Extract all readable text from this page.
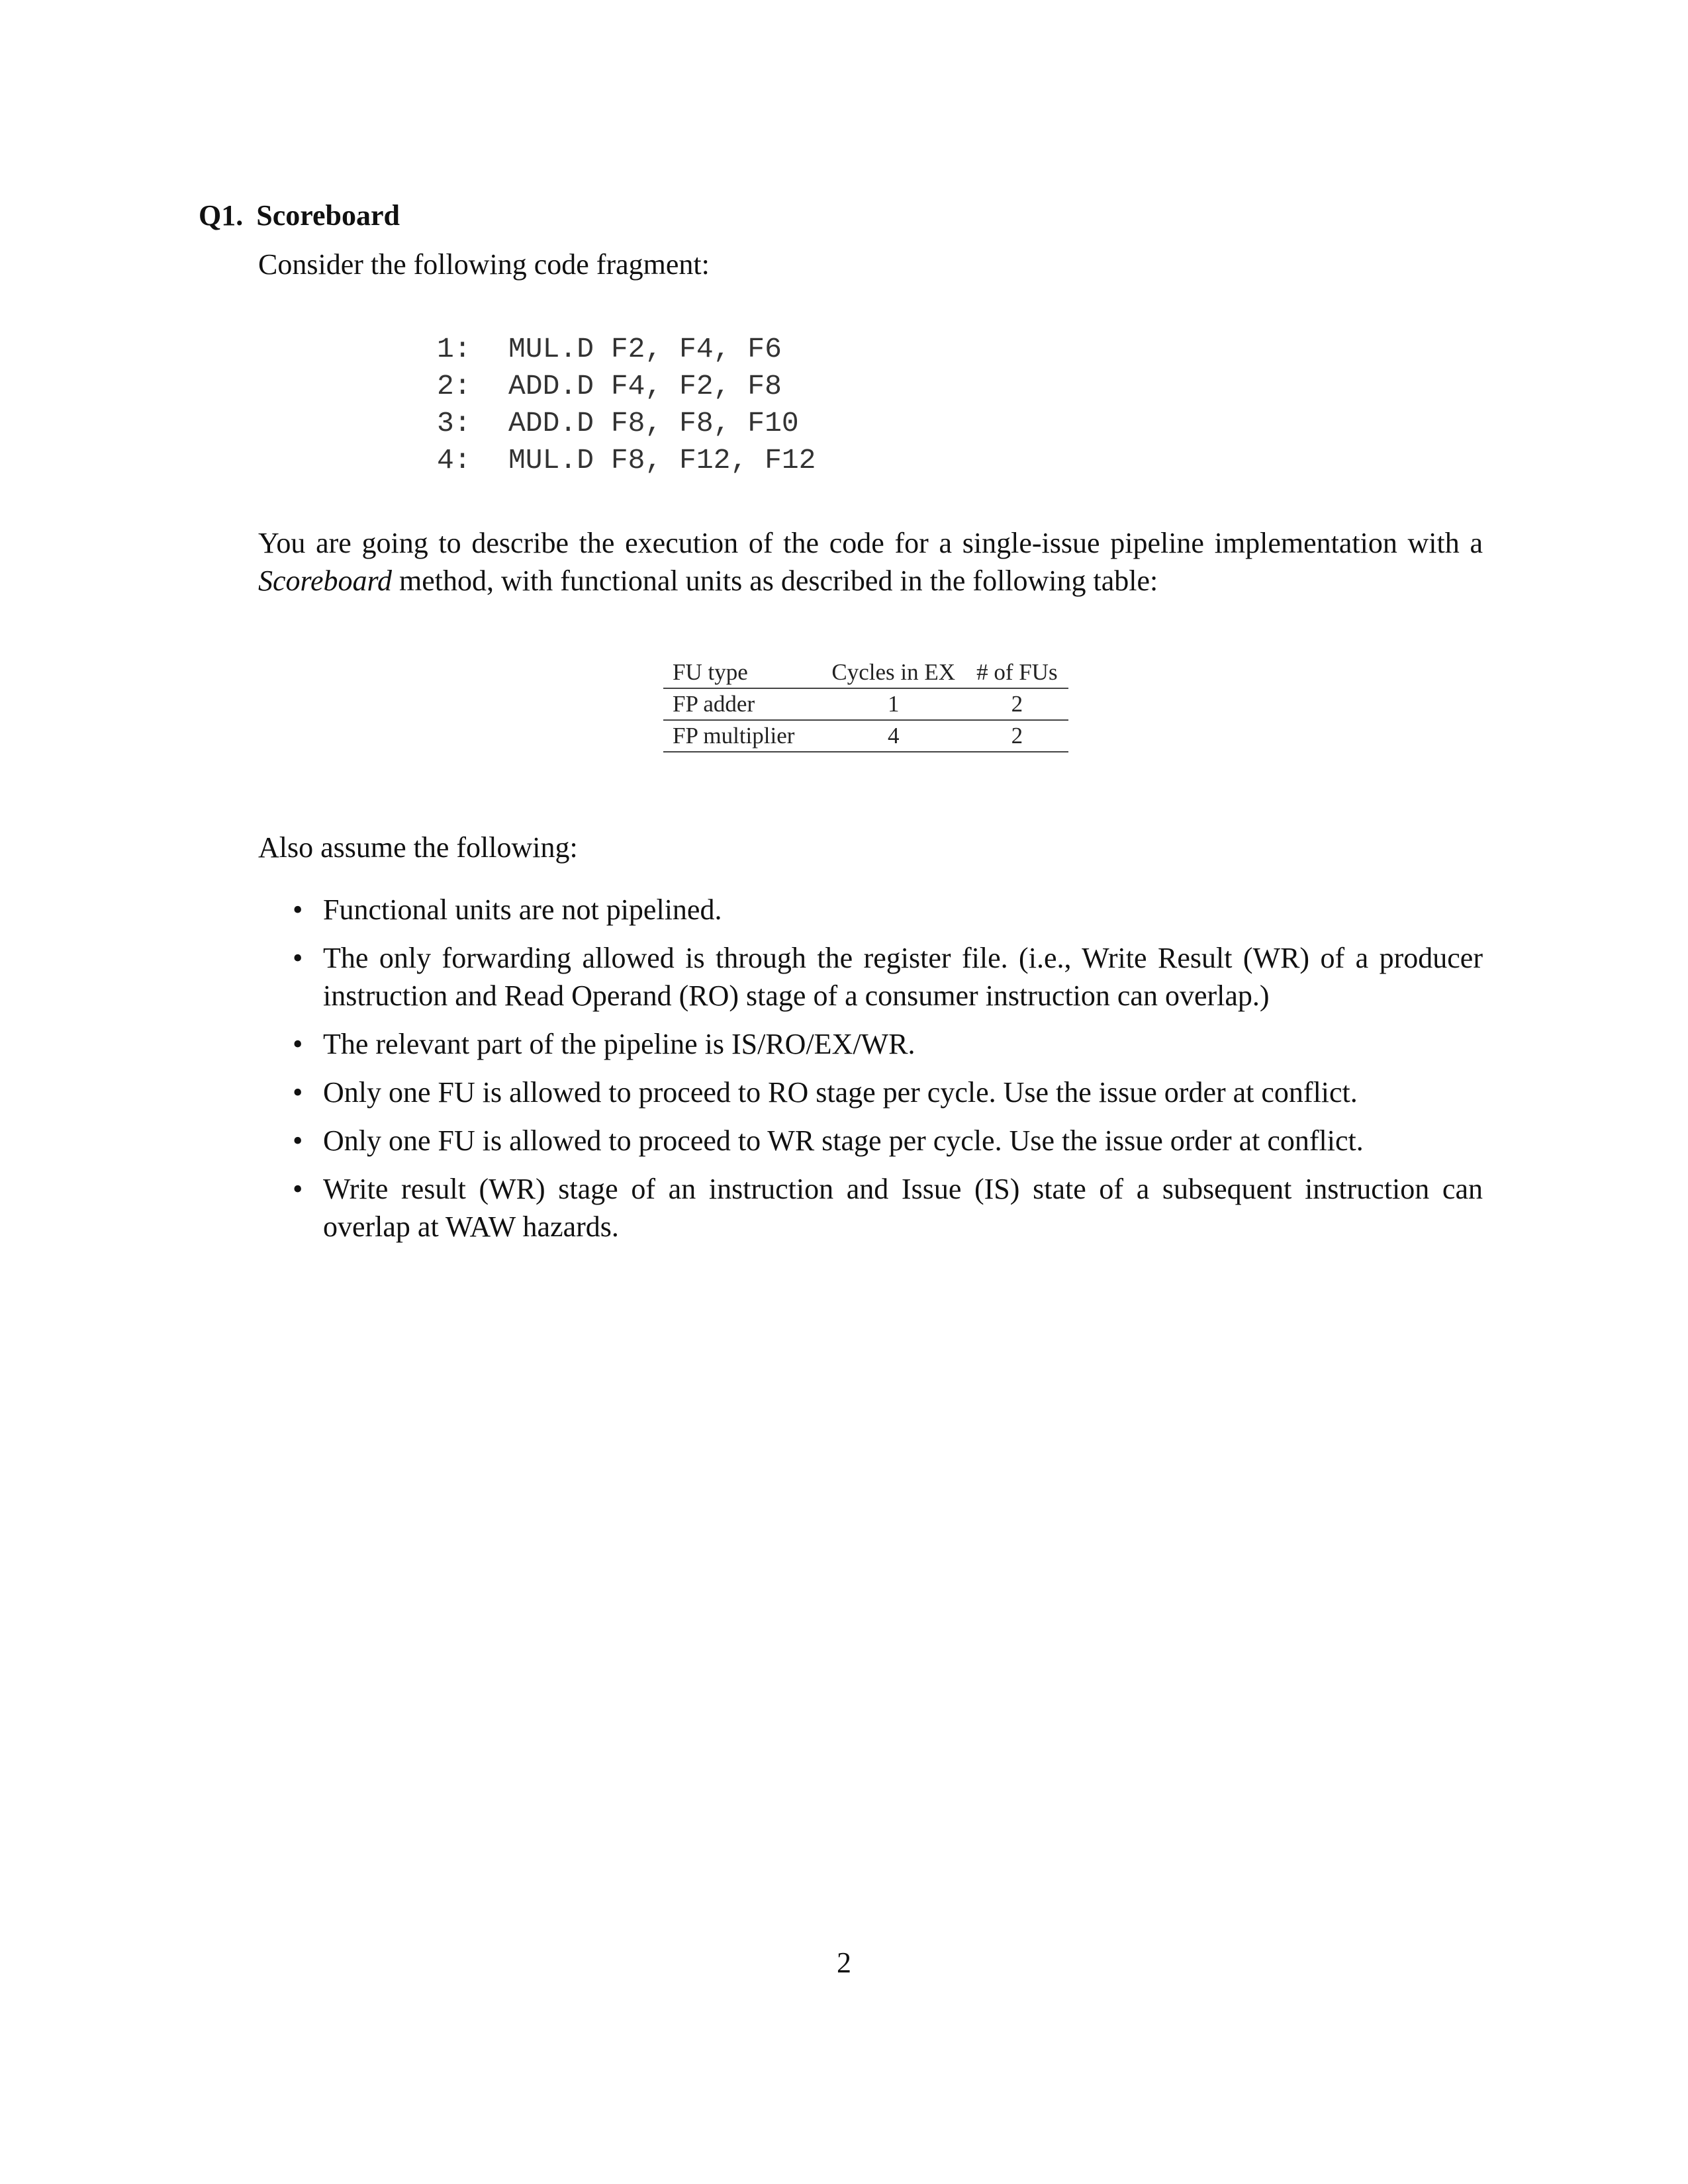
Q1. Scoreboard
Consider the following code fragment:
1: MUL.D F2, F4, F6
2: ADD.D F4, F2, F8
3: ADD.D F8, F8, F10
4: MUL.D F8, F12, F12
You are going to describe the execution of the code for a single-issue pipeline implementation with a Scoreboard method, with functional units as described in the following table:
FU type	Cycles in EX	# of FUs
FP adder	1	2
FP multiplier	4	2
Also assume the following:
• Functional units are not pipelined.
• The only forwarding allowed is through the register file. (i.e., Write Result (WR) of a producer instruction and Read Operand (RO) stage of a consumer instruction can overlap.)
• The relevant part of the pipeline is IS/RO/EX/WR.
• Only one FU is allowed to proceed to RO stage per cycle. Use the issue order at conflict.
• Only one FU is allowed to proceed to WR stage per cycle. Use the issue order at conflict.
• Write result (WR) stage of an instruction and Issue (IS) state of a subsequent instruction can overlap at WAW hazards.
2
